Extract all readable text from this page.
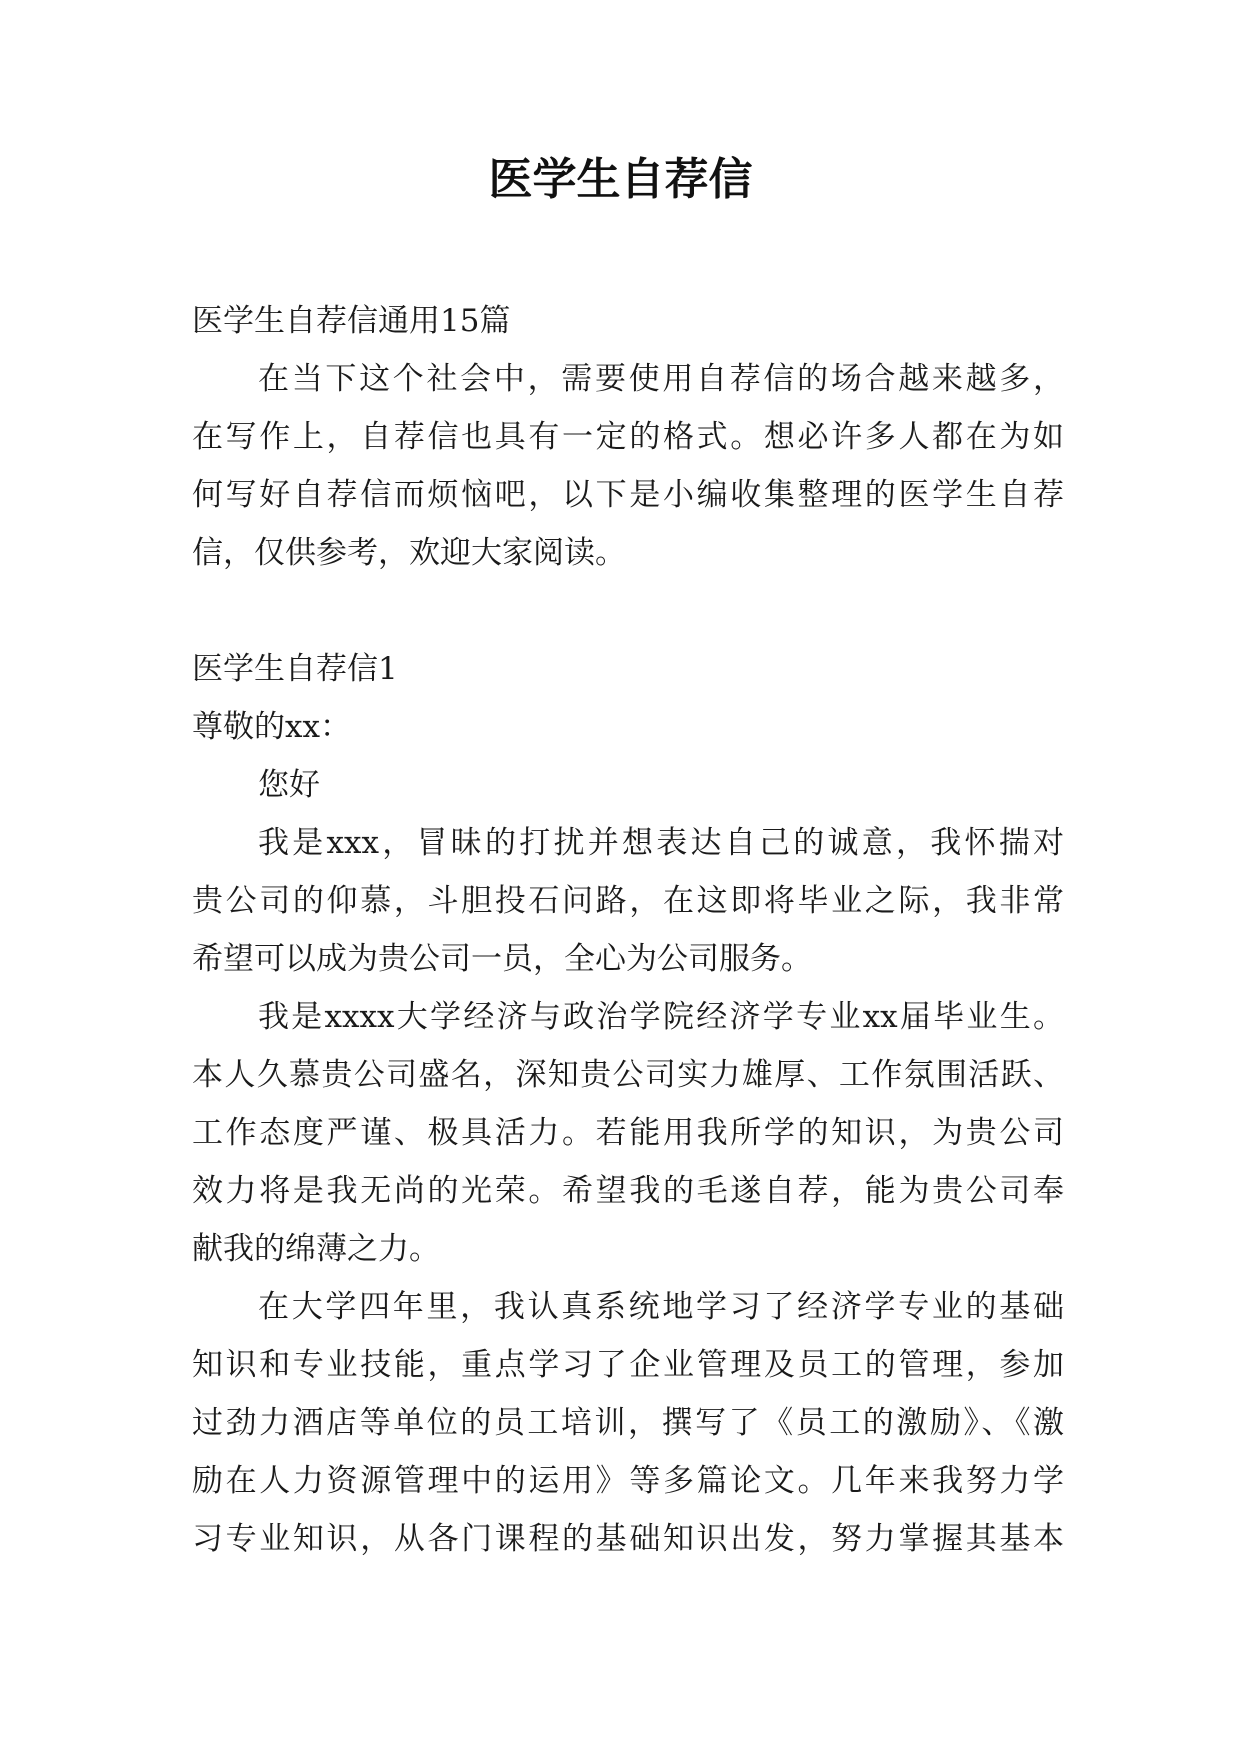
医学生自荐信
医学生自荐信通用15篇
在当下这个社会中，需要使用自荐信的场合越来越多，
在写作上，自荐信也具有一定的格式。想必许多人都在为如
何写好自荐信而烦恼吧，以下是小编收集整理的医学生自荐
信，仅供参考，欢迎大家阅读。
医学生自荐信1
尊敬的xx：
您好
我是xxx，冒昧的打扰并想表达自己的诚意，我怀揣对
贵公司的仰慕，斗胆投石问路，在这即将毕业之际，我非常
希望可以成为贵公司一员，全心为公司服务。
我是xxxx大学经济与政治学院经济学专业xx届毕业生。
本人久慕贵公司盛名，深知贵公司实力雄厚、工作氛围活跃、
工作态度严谨、极具活力。若能用我所学的知识，为贵公司
效力将是我无尚的光荣。希望我的毛遂自荐，能为贵公司奉
献我的绵薄之力。
在大学四年里，我认真系统地学习了经济学专业的基础
知识和专业技能，重点学习了企业管理及员工的管理，参加
过劲力酒店等单位的员工培训，撰写了《员工的激励》、《激
励在人力资源管理中的运用》等多篇论文。几年来我努力学
习专业知识，从各门课程的基础知识出发，努力掌握其基本
